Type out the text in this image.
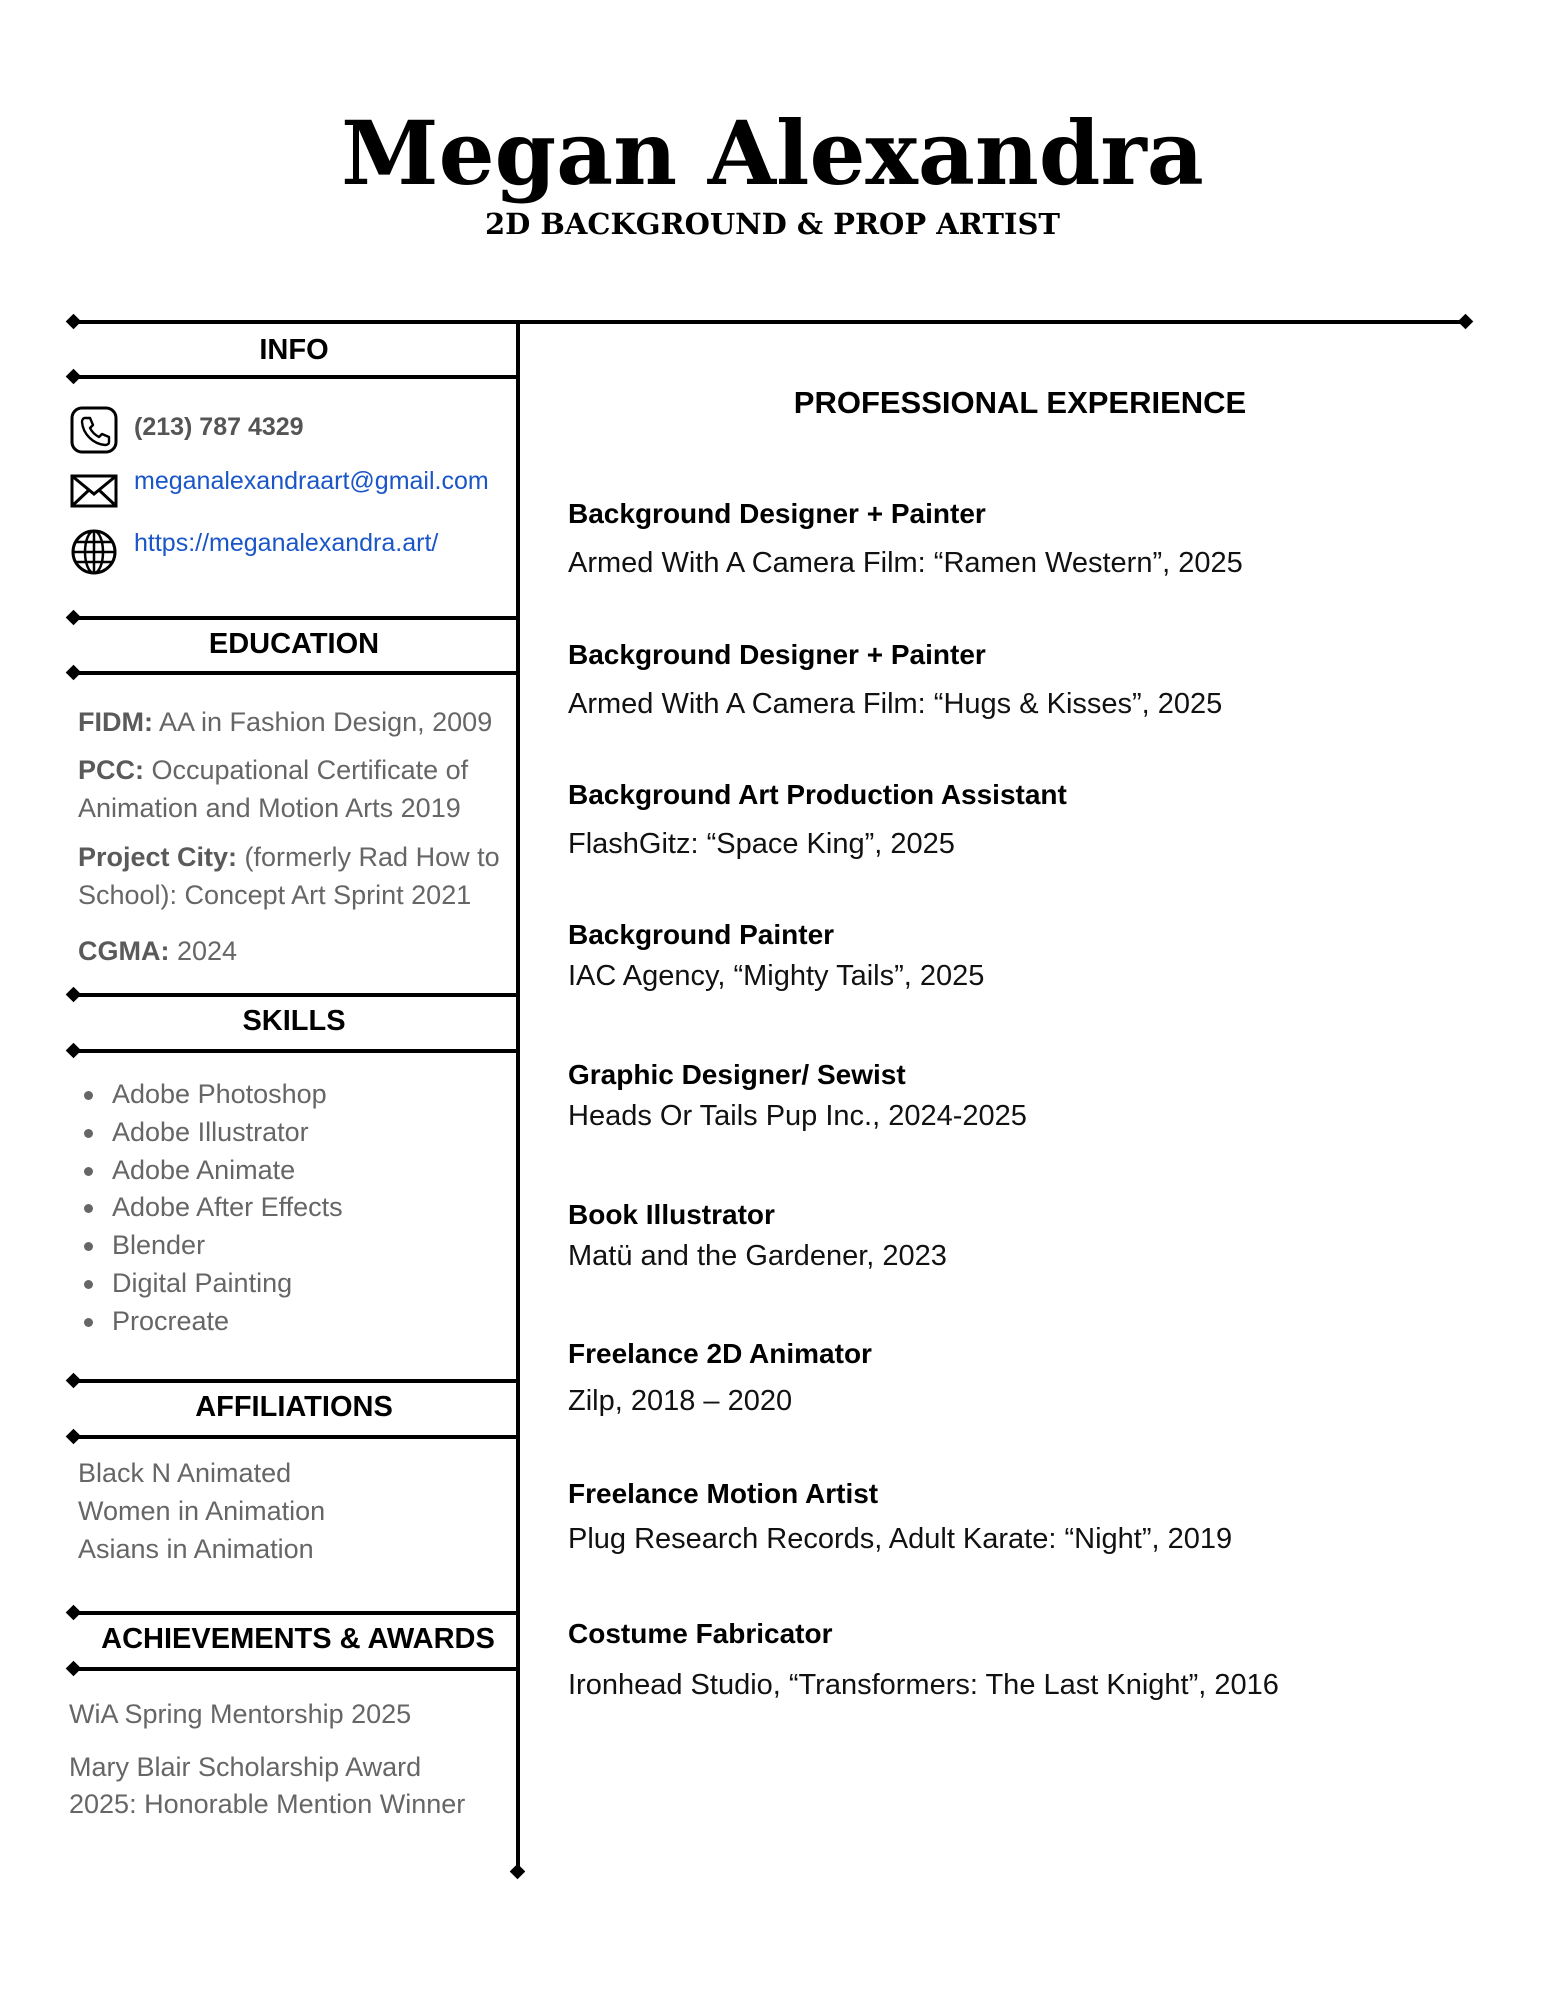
Megan Alexandra
2D BACKGROUND & PROP ARTIST
INFO
(213) 787 4329
meganalexandraart@gmail.com
https://meganalexandra.art/
EDUCATION

FIDM: AA in Fashion Design, 2009

PCC: Occupational Certificate of Animation and Motion Arts 2019

Project City: (formerly Rad How to School): Concept Art Sprint 2021

CGMA: 2024

SKILLS
Adobe Photoshop
Adobe Illustrator
Adobe Animate
Adobe After Effects
Blender
Digital Painting
Procreate
AFFILIATIONS
Black N Animated
Women in Animation
Asians in Animation
ACHIEVEMENTS & AWARDS

WiA Spring Mentorship 2025

Mary Blair Scholarship Award 2025: Honorable Mention Winner

PROFESSIONAL EXPERIENCE

Background Designer + Painter

Armed With A Camera Film: “Ramen Western”, 2025

Background Designer + Painter

Armed With A Camera Film: “Hugs & Kisses”, 2025

Background Art Production Assistant

FlashGitz: “Space King”, 2025

Background Painter

IAC Agency, “Mighty Tails”, 2025

Graphic Designer/ Sewist

Heads Or Tails Pup Inc., 2024-2025

Book Illustrator

Matü and the Gardener, 2023

Freelance 2D Animator

Zilp, 2018 – 2020

Freelance Motion Artist

Plug Research Records, Adult Karate: “Night”, 2019

Costume Fabricator

Ironhead Studio, “Transformers: The Last Knight”, 2016
